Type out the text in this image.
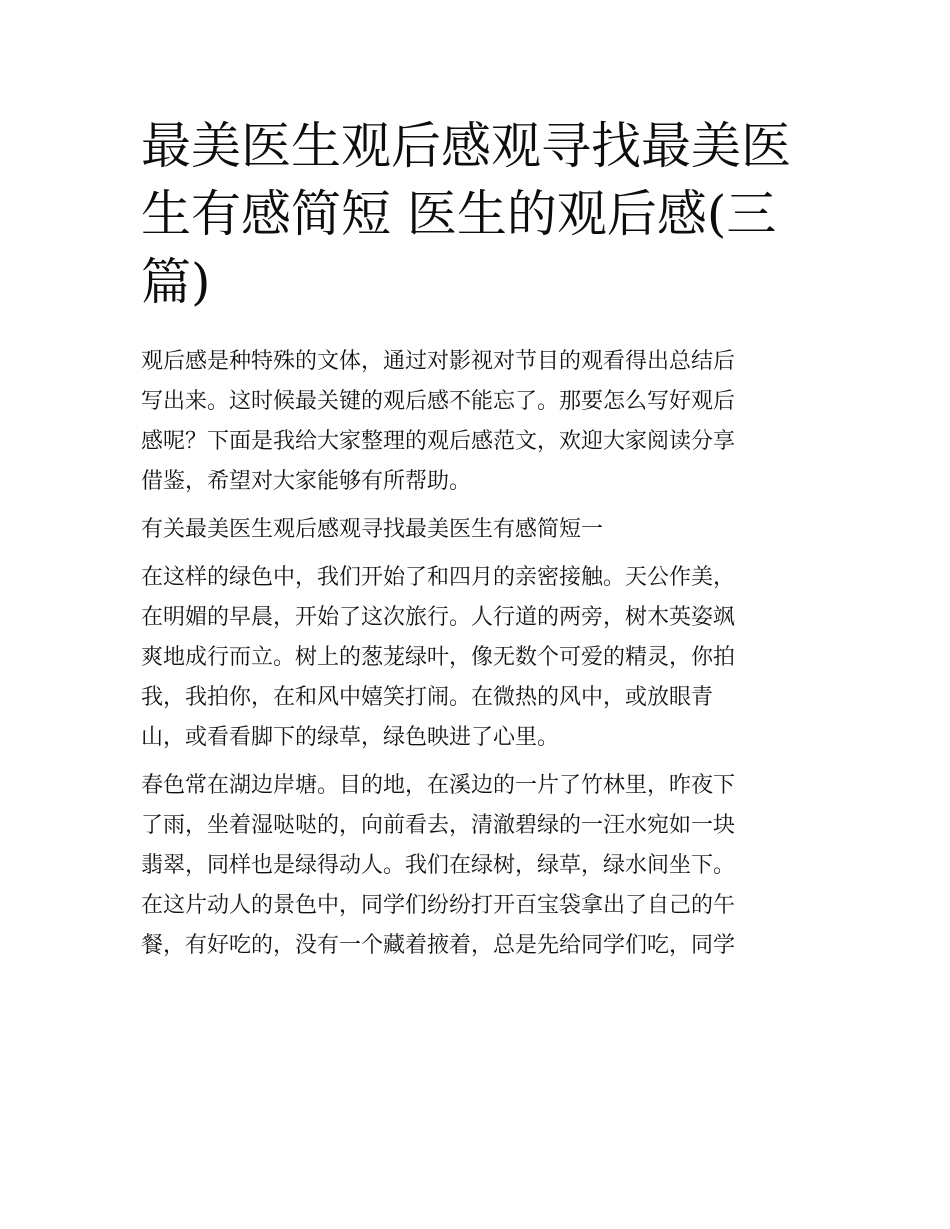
最美医生观后感观寻找最美医
生有感简短 医生的观后感(三
篇)

观后感是种特殊的文体，通过对影视对节目的观看得出总结后
写出来。这时候最关键的观后感不能忘了。那要怎么写好观后
感呢？下面是我给大家整理的观后感范文，欢迎大家阅读分享
借鉴，希望对大家能够有所帮助。

有关最美医生观后感观寻找最美医生有感简短一

在这样的绿色中，我们开始了和四月的亲密接触。天公作美，
在明媚的早晨，开始了这次旅行。人行道的两旁，树木英姿飒
爽地成行而立。树上的葱茏绿叶，像无数个可爱的精灵，你拍
我，我拍你，在和风中嬉笑打闹。在微热的风中，或放眼青
山，或看看脚下的绿草，绿色映进了心里。

春色常在湖边岸塘。目的地，在溪边的一片了竹林里，昨夜下
了雨，坐着湿哒哒的，向前看去，清澈碧绿的一汪水宛如一块
翡翠，同样也是绿得动人。我们在绿树，绿草，绿水间坐下。
在这片动人的景色中，同学们纷纷打开百宝袋拿出了自己的午
餐，有好吃的，没有一个藏着掖着，总是先给同学们吃，同学
